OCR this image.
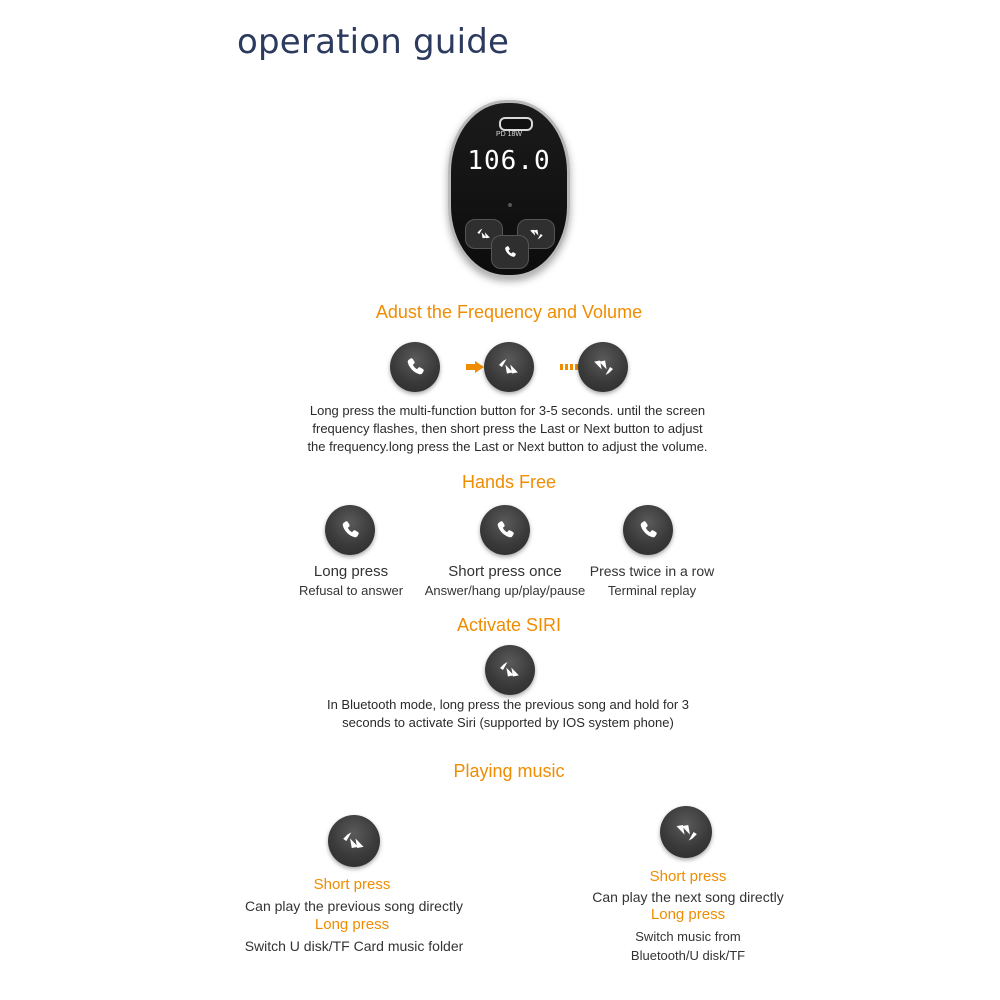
operation guide
PD 18W
106.0
Adust the Frequency and Volume
Long press the multi-function button for 3-5 seconds. until the screen
frequency flashes, then short press the Last or Next button to adjust
the frequency.long press the Last or Next button to adjust the volume.
Hands Free
Long press
Refusal to answer
Short press once
Answer/hang up/play/pause
Press twice in a row
Terminal replay
Activate SIRI
In Bluetooth mode, long press the previous song and hold for 3
seconds to activate Siri (supported by IOS system phone)
Playing music
Short press
Can play the previous song directly
Long press
Switch U disk/TF Card music folder
Short press
Can play the next song directly
Long press
Switch music from
Bluetooth/U disk/TF
